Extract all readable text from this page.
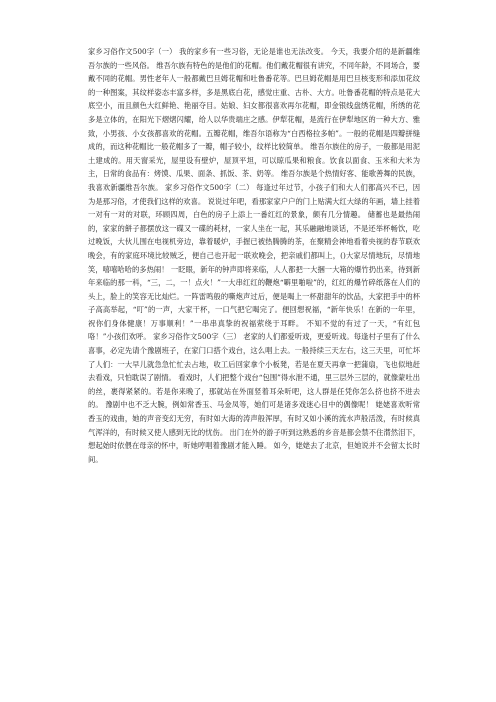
家乡习俗作文500字（一） 我的家乡有一些习俗，无论是谁也无法改变。 今天，我要介绍的是新疆维吾尔族的一些风俗。 维吾尔族有特色的是他们的花帽。他们戴花帽很有讲究，不同年龄，不同场合，要戴不同的花帽。男性老年人一般都戴巴旦姆花帽和吐鲁番花等。巴旦姆花帽是用巴旦核变形和添加花纹的一种图案，其纹样姿态丰富多样，多是黑底白花，感觉庄重、古朴、大方。吐鲁番花帽的特点是花大底空小，而且颜色大红鲜艳、艳丽夺目。姑娘、妇女都很喜欢再尔花帽，即金银线盘绣花帽，所绣的花多是立体的，在阳光下熠熠闪耀，给人以华贵端庄之感。伊犁花帽，是流行在伊犁地区的一种大方、雅致，小男孩、小女孩都喜欢的花帽。五瓣花帽，维吾尔语称为“白西格拉多帕”。一般的花帽是四瓣拼缝成的，而这种花帽比一般花帽多了一瓣，帽子较小，纹样比较简单。 维吾尔族住的房子，一般都是用泥土建成的。用天窗采光，屋里设有壁炉，屋顶平坦，可以晾瓜果和粮食。饮食以面食、玉米和大米为主，日常的食品有：烤馍、瓜果、面条、抓饭、茶、奶等。 维吾尔族是个热情好客、能歌善舞的民族，我喜欢新疆维吾尔族。 家乡习俗作文500字（二） 每逢过年过节，小孩子们和大人们都高兴不已，因为是那习俗，才使我们这样的欢喜。 说说过年吧，看那家家户户的门上贴满大红大绿的年画，墙上挂着一对有一对的对联，环顾四周，白色的房子上添上一番红红的景象，颇有几分情趣。 储蓄也是最热闹的，家家的餅子都摆放这一碟又一碟的耗材，一家人坐在一起，其乐融融地谈话，不是还举杯畅饮，吃过晚饭，大伙儿围在电视机旁边，靠着暖炉，手握已被热腾腾的茶，在聚精会神地看着央视的春节联欢晚会，有的家庭环境比较贼乏，便自己也开起一联欢晚会，把亲戚们都叫上，()大家尽情地玩，尽情地笑，嘻嘻哈哈的多热闹！ 一眨眼，新年的钟声即将来临，人人都把一大捆一大箱的爆竹扔出来，待到新年来临的那一科，“三，二，一！点火！”一大串红红的鞭炮“噼里啪啦”的，红红的爆竹碎纸落在人们的头上，脸上的笑容无比灿烂。一阵雷鸣般的嘶炮声过后，便是喝上一杯甜甜年的饮品，大家把手中的杯子高高举起，“叮”的一声，大家干杯，一口气把它喝完了。便回想祝福，“新年快乐！在新的一年里，祝你们身体健康！万事顺利！”一串串真挚的祝福萦绕于耳畔。 不知不觉的有过了一天，“有红包咯！”小孩们欢呼。 家乡习俗作文500字（三） 老家的人们都爱听戏，更爱听戏。每逢村子里有了什么喜事，必定先请个豫剧班子，在家门口搭个戏台，这么唱上去。一般持续三天左右，这三天里，可忙坏了人们：一大早儿就急急忙忙去占地，收工后回家拿个小板凳，若是在夏天再拿一把蒲扇，飞也似地赶去看戏，只怕耽误了剧情。 看戏时，人们把整个戏台“包围”得水泄不通，里三层外三层的，就像蒙吐出的丝，裹得紧紧的。若是你来晚了，那就站在外面竖着耳朵听吧，这人群是任凭你怎么挤也挤不进去的。 豫剧中也不乏大腕，例如常香玉、马金凤等，她们可是诸多戏迷心目中的偶像呢！ 姥姥喜欢听常香玉的戏曲，她的声音变幻无穷，有时如大海的涛声般浑厚，有时又如小溪的流水声般活泼，有时候真气浑洋的，有时候又使人感到无比的忧伤。 出门在外的游子听到这熟悉的乡音是都会禁不住潸然泪下，想起始时依偎在母亲的怀中，听她哼唱着豫剧才能入睡。 如今，姥姥去了北京，但她说并不会留太长时间。
